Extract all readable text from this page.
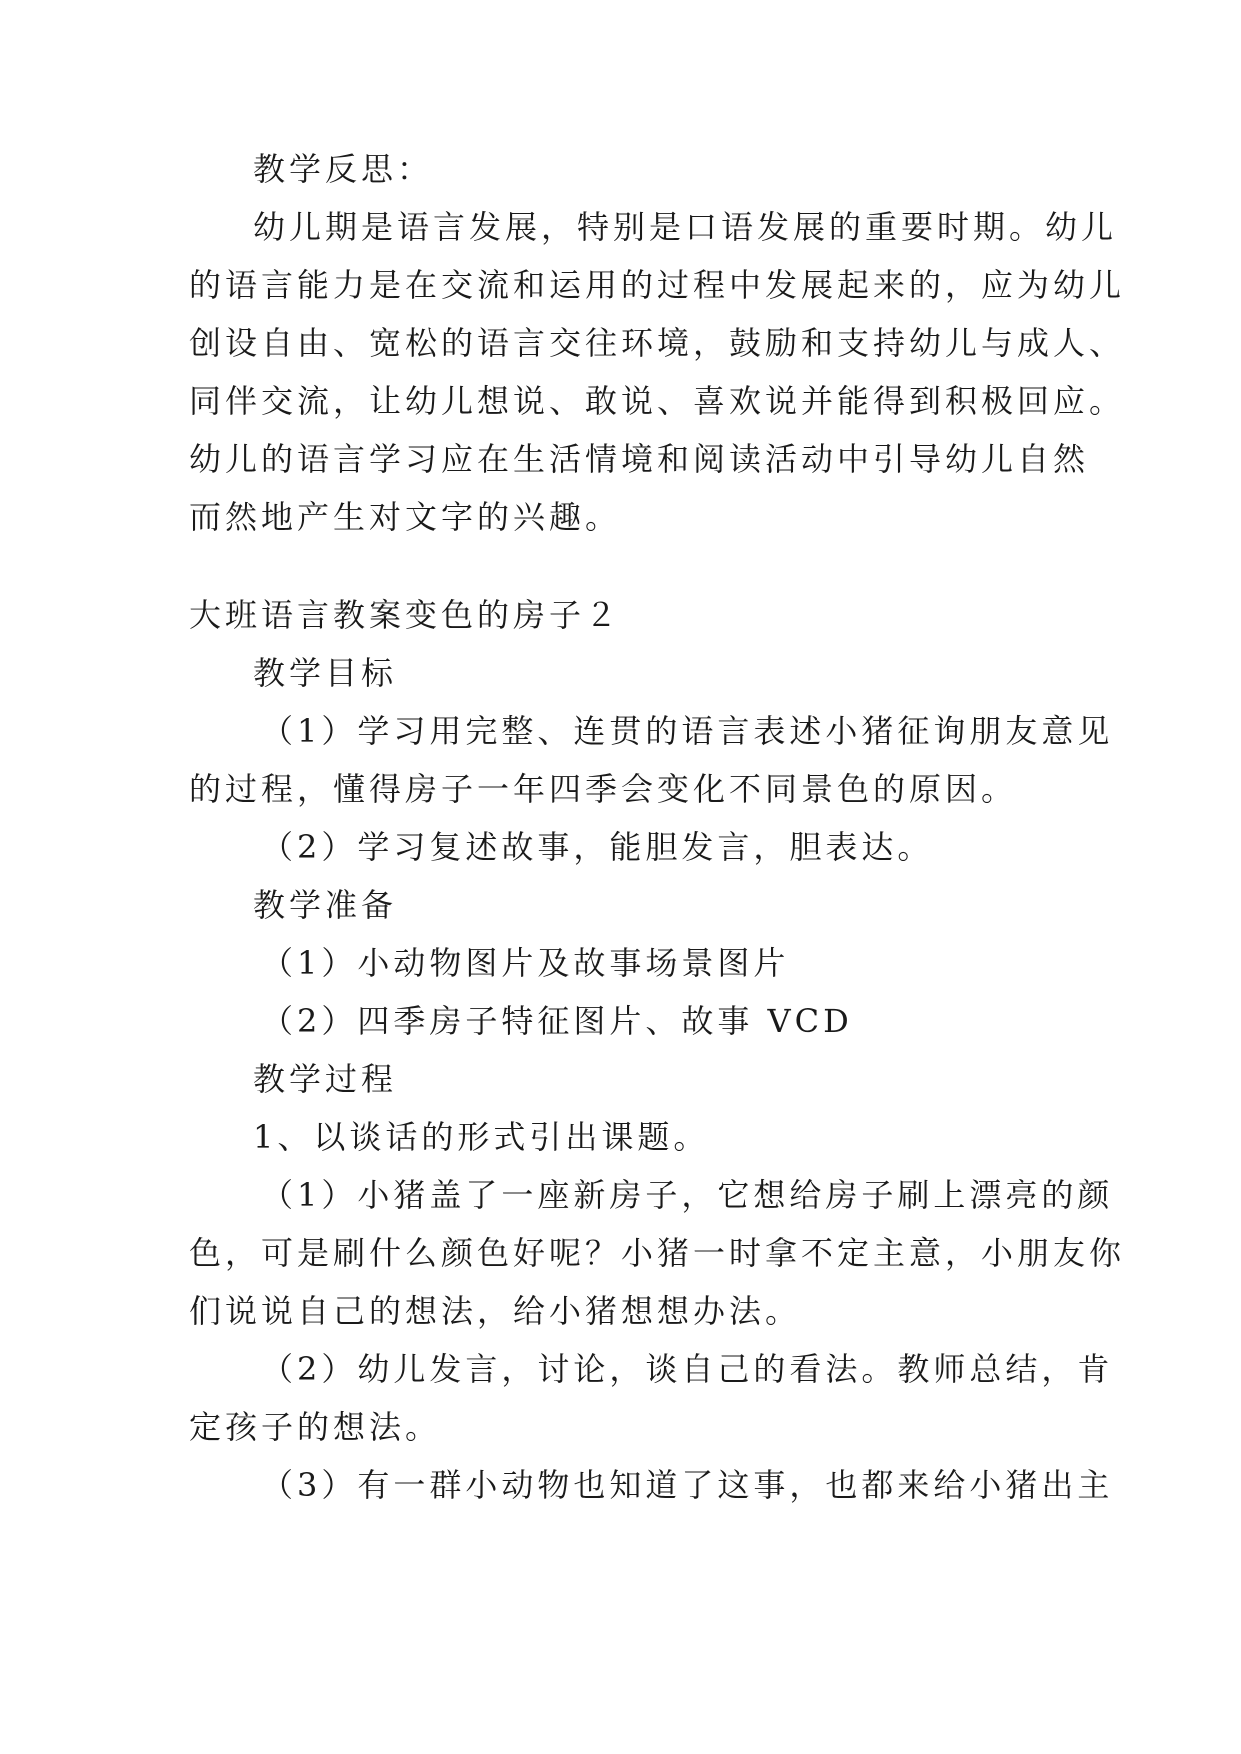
教学反思：
幼儿期是语言发展，特别是口语发展的重要时期。幼儿
的语言能力是在交流和运用的过程中发展起来的，应为幼儿
创设自由、宽松的语言交往环境，鼓励和支持幼儿与成人、
同伴交流，让幼儿想说、敢说、喜欢说并能得到积极回应。
幼儿的语言学习应在生活情境和阅读活动中引导幼儿自然
而然地产生对文字的兴趣。
大班语言教案变色的房子２
教学目标
（1）学习用完整、连贯的语言表述小猪征询朋友意见
的过程，懂得房子一年四季会变化不同景色的原因。
（2）学习复述故事，能胆发言，胆表达。
教学准备
（1）小动物图片及故事场景图片
（2）四季房子特征图片、故事 VCD
教学过程
1、以谈话的形式引出课题。
（1）小猪盖了一座新房子，它想给房子刷上漂亮的颜
色，可是刷什么颜色好呢？小猪一时拿不定主意，小朋友你
们说说自己的想法，给小猪想想办法。
（2）幼儿发言，讨论，谈自己的看法。教师总结，肯
定孩子的想法。
（3）有一群小动物也知道了这事，也都来给小猪出主
